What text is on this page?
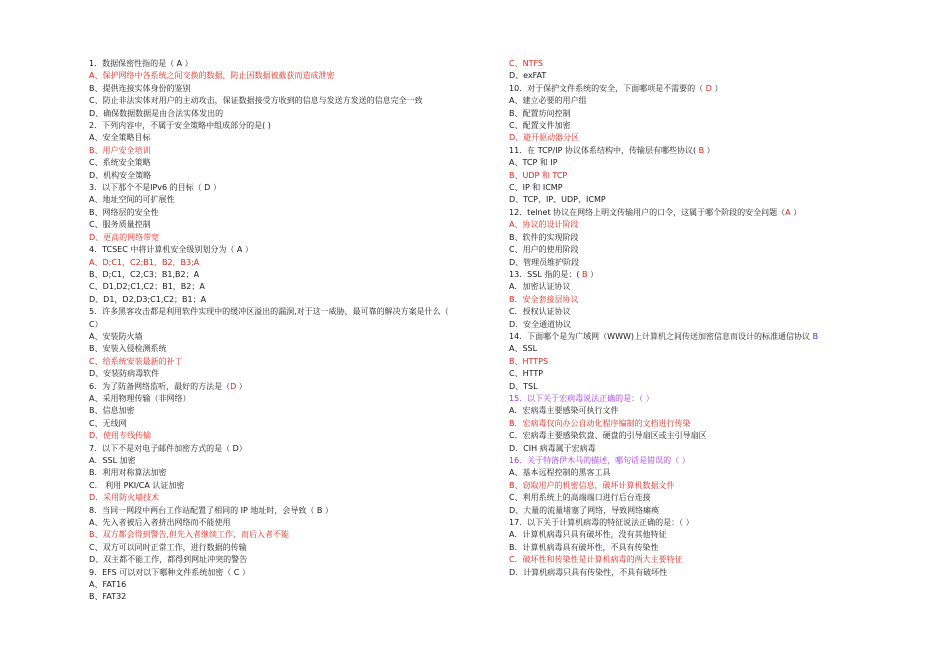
1．数据保密性指的是（ A ）
A、保护网络中各系统之间交换的数据，防止因数据被截获而造成泄密
B、提供连接实体身份的鉴别
C、防止非法实体对用户的主动攻击，保证数据接受方收到的信息与发送方发送的信息完全一致
D、确保数据数据是由合法实体发出的
2．下列内容中，不属于安全策略中组成部分的是( )
A、安全策略目标
B、用户安全培训
C、系统安全策略
D、机构安全策略
3．以下那个不是IPv6 的目标（ D ）
A、地址空间的可扩展性
B、网络层的安全性
C、服务质量控制
D、更高的网络带宽
4．TCSEC 中将计算机安全级别划分为（ A ）
A、D;C1，C2;B1，B2，B3;A
B、D;C1，C2,C3；B1,B2；A
C、D1,D2;C1,C2；B1，B2；A
D、D1，D2,D3;C1,C2；B1；A
5．许多黑客攻击都是利用软件实现中的缓冲区溢出的漏洞,对于这一威胁，最可靠的解决方案是什么（
C）
A、安装防火墙
B、安装入侵检测系统
C、给系统安装最新的补丁
D、安装防病毒软件
6．为了防备网络监听，最好的方法是（D ）
A、采用物理传输（非网络）
B、信息加密
C、无线网
D、使用专线传输
7．以下不是对电子邮件加密方式的是（ D）
A．SSL 加密
B．利用对称算法加密
C． 利用 PKI/CA 认证加密
D．采用防火墙技术
8．当同一网段中两台工作站配置了相同的 IP 地址时，会导致（ B ）
A、先入者被后入者挤出网络而不能使用
B、双方都会得到警告,但先入者继续工作，而后入者不能
C、双方可以同时正常工作，进行数据的传输
D、双主都不能工作，都得到网址冲突的警告
9．EFS 可以对以下哪种文件系统加密（ C ）
A、FAT16
B、FAT32
C、NTFS
D、exFAT
10．对于保护文件系统的安全，下面哪项是不需要的（ D ）
A、建立必要的用户组
B、配置坊问控制
C、配置文件加密
D、避开驱动器分区
11．在 TCP/IP 协议体系结构中，传输层有哪些协议( B ）
A、TCP 和 IP
B、UDP 和 TCP
C、IP 和 ICMP
D、TCP、IP、UDP、ICMP
12．telnet 协议在网络上明文传输用户的口令，这属于哪个阶段的安全问题（A ）
A、协议的设计阶段
B、软件的实现阶段
C、用户的使用阶段
D、管理员维护阶段
13．SSL 指的是：( B ）
A．加密认证协议
B．安全套接层协议
C．授权认证协议
D．安全通道协议
14．下面哪个是为广域网（WWW)上计算机之间传送加密信息而设计的标准通信协议 B
A、SSL
B、HTTPS
C、HTTP
D、TSL
15．以下关于宏病毒说法正确的是：（ ）
A．宏病毒主要感染可执行文件
B．宏病毒仅向办公自动化程序编制的文档进行传染
C．宏病毒主要感染软盘、硬盘的引导扇区或主引导扇区
D．CIH 病毒属于宏病毒
16．关于特洛伊木马的描述，哪句话是错误的（ ）
A、基本远程控制的黑客工具
B、窃取用户的机密信息，破坏计算机数据文件
C、利用系统上的高端端口进行后台连接
D、大量的流量堵塞了网络，导致网络瘫痪
17．以下关于计算机病毒的特征说法正确的是：（ ）
A．计算机病毒只具有破坏性，没有其他特征
B．计算机病毒具有破坏性，不具有传染性
C．破坏性和传染性是计算机病毒的两大主要特征
D．计算机病毒只具有传染性，不具有破坏性
